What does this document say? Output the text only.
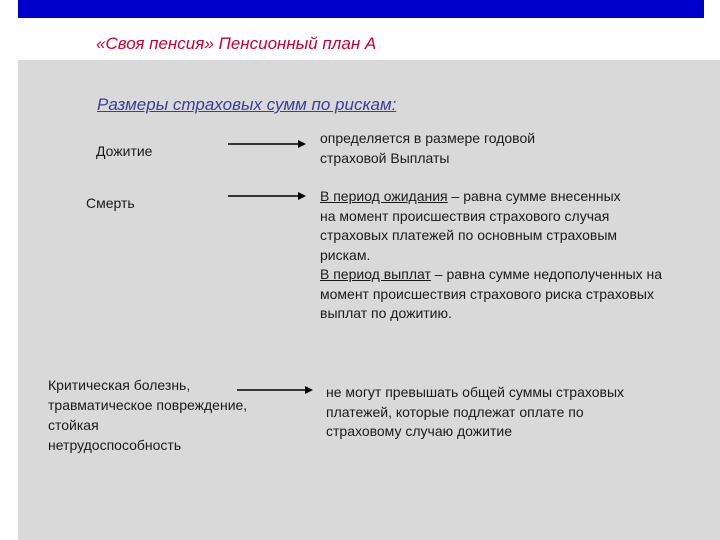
«Своя пенсия» Пенсионный план А
Размеры страховых сумм по рискам:
Дожитие
определяется в размере годовой
страховой Выплаты
Смерть	В период ожидания – равна сумме внесенных
на момент происшествия страхового случая
страховых платежей по основным страховым
рискам.
В период выплат – равна сумме недополученных на
момент происшествия страхового риска страховых
выплат по дожитию.
Критическая болезнь,
травматическое повреждение,
стойкая
нетрудоспособность
не могут превышать общей суммы страховых
платежей, которые подлежат оплате по
страховому случаю дожитие
